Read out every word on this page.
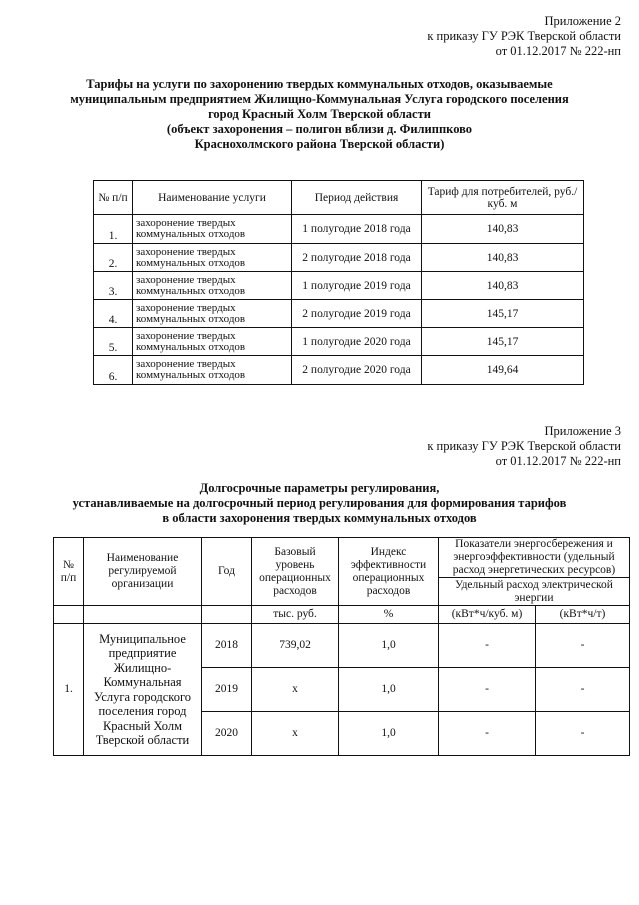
Приложение 2
к приказу ГУ РЭК Тверской области
от 01.12.2017 № 222-нп
Тарифы на услуги по захоронению твердых коммунальных отходов, оказываемые
муниципальным предприятием Жилищно-Коммунальная Услуга городского поселения
город Красный Холм Тверской области
(объект захоронения – полигон вблизи д. Филиппково
Краснохолмского района Тверской области)
№ п/п	Наименование услуги	Период действия	Тариф для потребителей, руб./куб. м
1.	захоронение твердых коммунальных отходов	1 полугодие 2018 года	140,83
2.	захоронение твердых коммунальных отходов	2 полугодие 2018 года	140,83
3.	захоронение твердых коммунальных отходов	1 полугодие 2019 года	140,83
4.	захоронение твердых коммунальных отходов	2 полугодие 2019 года	145,17
5.	захоронение твердых коммунальных отходов	1 полугодие 2020 года	145,17
6.	захоронение твердых коммунальных отходов	2 полугодие 2020 года	149,64
Приложение 3
к приказу ГУ РЭК Тверской области
от 01.12.2017 № 222-нп
Долгосрочные параметры регулирования,
устанавливаемые на долгосрочный период регулирования для формирования тарифов
в области захоронения твердых коммунальных отходов
№ п/п	Наименование регулируемой организации	Год	Базовый уровень операционных расходов	Индекс эффективности операционных расходов	Показатели энергосбережения и энергоэффективности (удельный расход энергетических ресурсов)	
					Удельный расход электрической энергии	

			тыс. руб.	%	(кВт*ч/куб. м)	(кВт*ч/т)
1.	Муниципальное предприятие Жилищно-Коммунальная Услуга городского поселения город Красный Холм Тверской области	2018	739,02	1,0	-	-
		2019	х	1,0	-	-
		2020	х	1,0	-	-
